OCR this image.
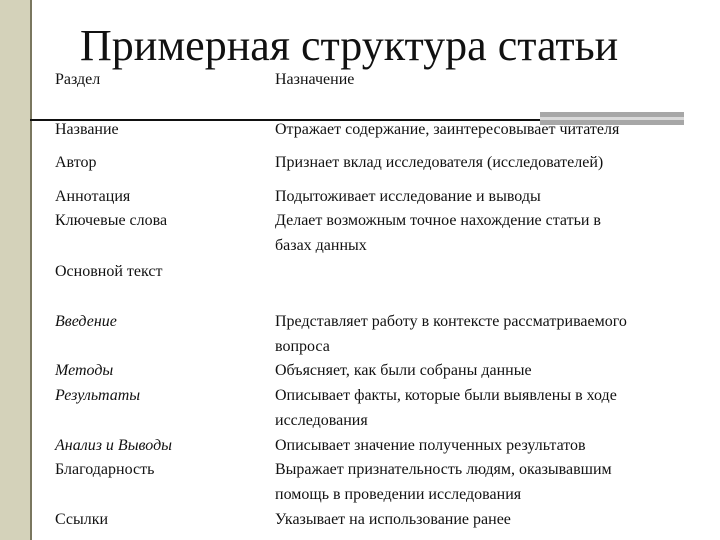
Примерная структура статьи
Раздел	Назначение
Название
Автор
Аннотация
Ключевые слова
Основной текст
Введение
Методы
Результаты
Анализ и Выводы
Благодарность
Ссылки
Отражает содержание, заинтересовывает читателя
Признает вклад исследователя (исследователей)
Подытоживает исследование и выводы
Делает возможным точное нахождение статьи в
базах данных
Представляет работу в контексте рассматриваемого
вопроса
Объясняет, как были собраны данные
Описывает факты, которые были выявлены в ходе
исследования
Описывает значение полученных результатов
Выражает признательность людям, оказывавшим
помощь в проведении исследования
Указывает на использование ранее
